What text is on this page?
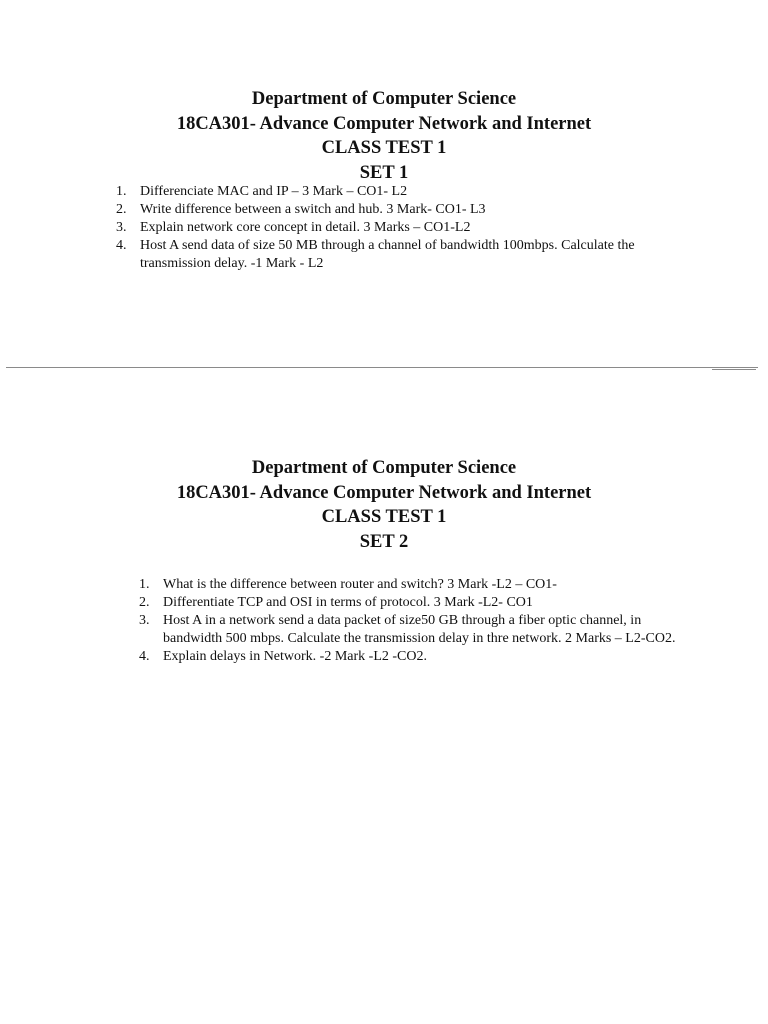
Department of Computer Science
18CA301- Advance Computer Network and Internet
CLASS TEST 1
SET 1
1. Differenciate MAC and IP – 3 Mark – CO1- L2
2. Write difference between a switch and hub. 3 Mark- CO1- L3
3. Explain network core concept in detail. 3 Marks – CO1-L2
4. Host A send data of size 50 MB through a channel of bandwidth 100mbps. Calculate the transmission delay. -1 Mark - L2
Department of Computer Science
18CA301- Advance Computer Network and Internet
CLASS TEST 1
SET 2
1. What is the difference between router and switch? 3 Mark -L2 – CO1-
2. Differentiate TCP and OSI in terms of protocol. 3 Mark -L2- CO1
3. Host A in a network send a data packet of size50 GB through a fiber optic channel, in bandwidth 500 mbps. Calculate the transmission delay in thre network. 2 Marks – L2-CO2.
4. Explain delays in Network. -2 Mark -L2 -CO2.
